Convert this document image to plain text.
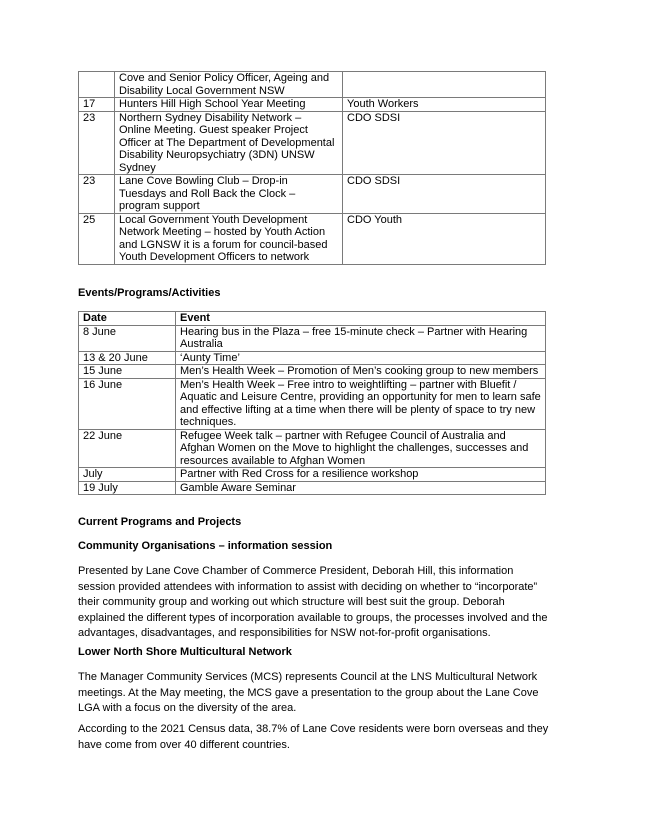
	Cove and Senior Policy Officer, Ageing and
Disability Local Government NSW	

17	Hunters Hill High School Year Meeting	Youth Workers
23	Northern Sydney Disability Network –
Online Meeting. Guest speaker Project
Officer at The Department of Developmental
Disability Neuropsychiatry (3DN) UNSW
Sydney	CDO SDSI
23	Lane Cove Bowling Club – Drop-in
Tuesdays and Roll Back the Clock –
program support	CDO SDSI
25	Local Government Youth Development
Network Meeting – hosted by Youth Action
and LGNSW it is a forum for council-based
Youth Development Officers to network	CDO Youth
Events/Programs/Activities
Date	Event
8 June	Hearing bus in the Plaza – free 15-minute check – Partner with Hearing
Australia

13 & 20 June	‘Aunty Time’

15 June	Men’s Health Week – Promotion of Men’s cooking group to new members

16 June	Men’s Health Week – Free intro to weightlifting – partner with Bluefit /
Aquatic and Leisure Centre, providing an opportunity for men to learn safe
and effective lifting at a time when there will be plenty of space to try new
techniques.

22 June	Refugee Week talk – partner with Refugee Council of Australia and
Afghan Women on the Move to highlight the challenges, successes and
resources available to Afghan Women

July	Partner with Red Cross for a resilience workshop

19 July	Gamble Aware Seminar
Current Programs and Projects
Community Organisations – information session
Presented by Lane Cove Chamber of Commerce President, Deborah Hill, this information
session provided attendees with information to assist with deciding on whether to “incorporate”
their community group and working out which structure will best suit the group. Deborah
explained the different types of incorporation available to groups, the processes involved and the
advantages, disadvantages, and responsibilities for NSW not-for-profit organisations.
Lower North Shore Multicultural Network
The Manager Community Services (MCS) represents Council at the LNS Multicultural Network
meetings. At the May meeting, the MCS gave a presentation to the group about the Lane Cove
LGA with a focus on the diversity of the area.
According to the 2021 Census data, 38.7% of Lane Cove residents were born overseas and they
have come from over 40 different countries.
